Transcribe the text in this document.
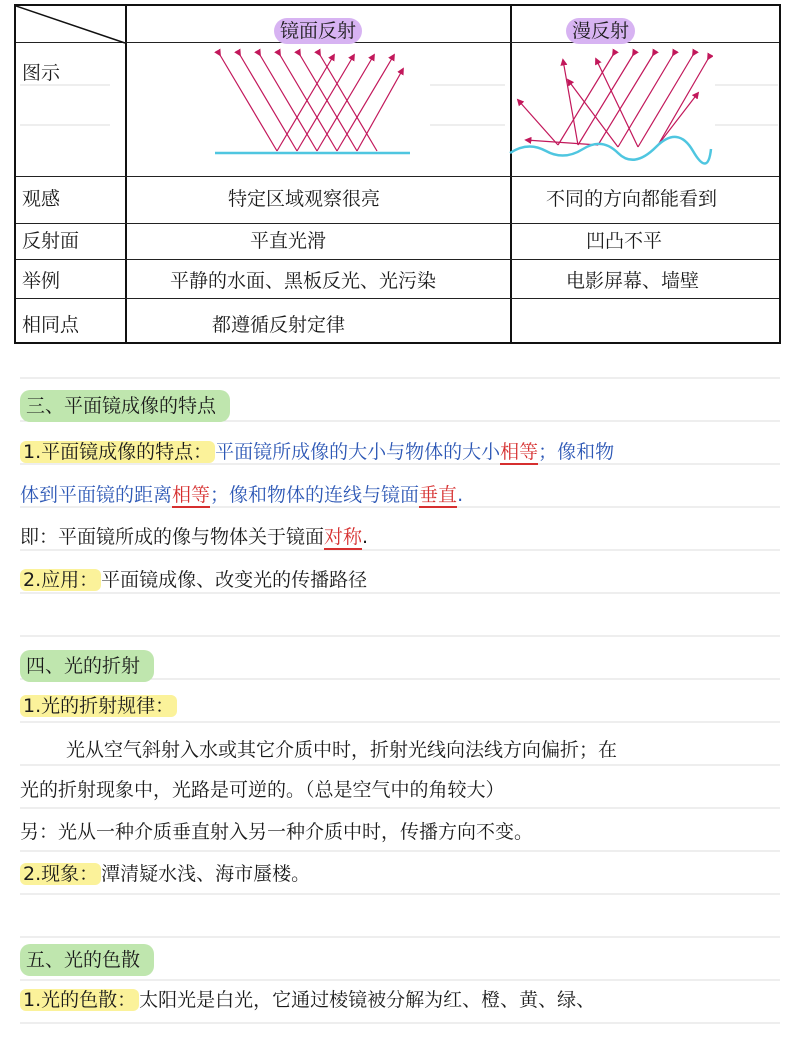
镜面反射	漫反射
图示
观感
反射面
举例
相同点
特定区域观察很亮
平直光滑
平静的水面、黑板反光、光污染
都遵循反射定律
不同的方向都能看到
凹凸不平
电影屏幕、墙壁
三、平面镜成像的特点
1.平面镜成像的特点： 平面镜所成像的大小与物体的大小相等；像和物
体到平面镜的距离相等；像和物体的连线与镜面垂直.
即：平面镜所成的像与物体关于镜面对称.
2.应用： 平面镜成像、改变光的传播路径
四、光的折射
1.光的折射规律：
光从空气斜射入水或其它介质中时，折射光线向法线方向偏折；在
光的折射现象中，光路是可逆的。（总是空气中的角较大）
另：光从一种介质垂直射入另一种介质中时，传播方向不变。
2.现象： 潭清疑水浅、海市蜃楼。
五、光的色散
1.光的色散： 太阳光是白光，它通过棱镜被分解为红、橙、黄、绿、
